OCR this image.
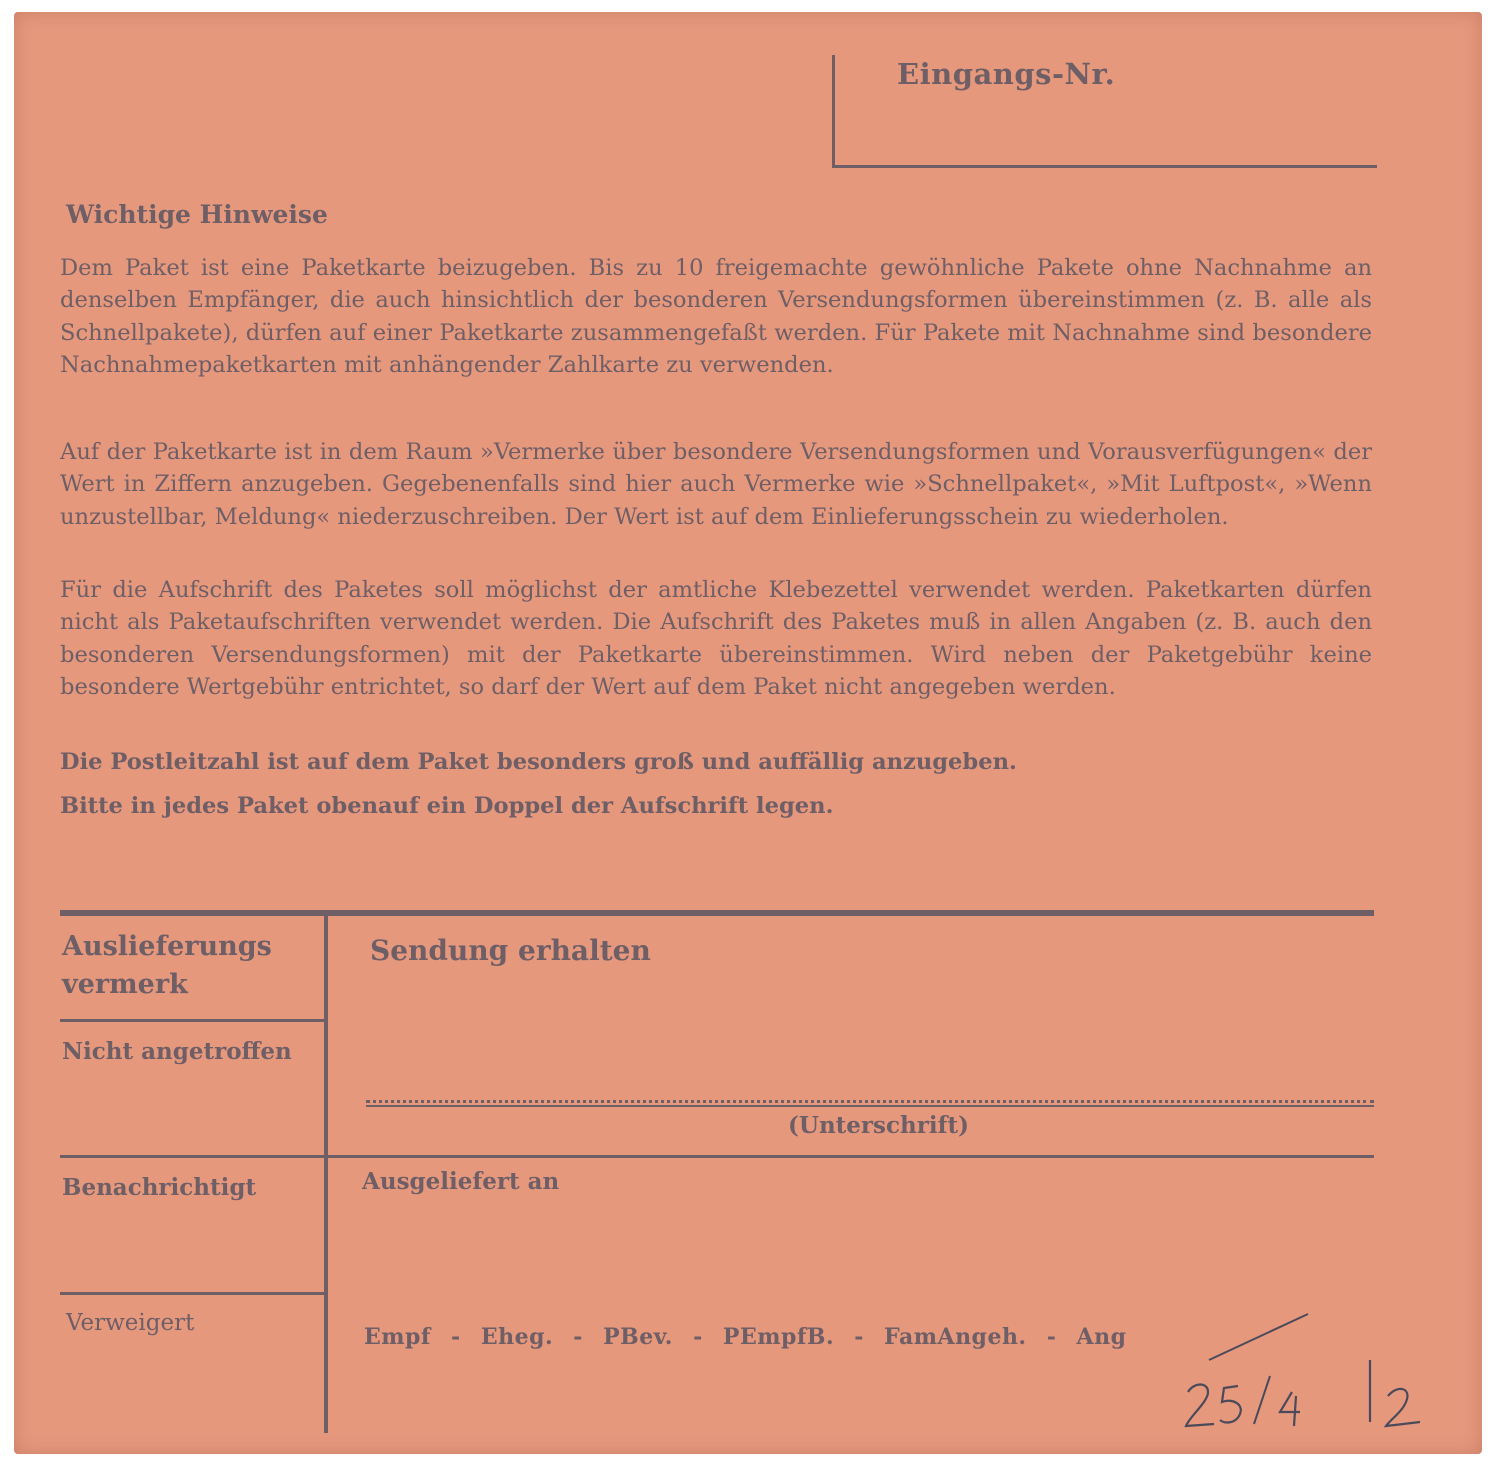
Eingangs-Nr.
Wichtige Hinweise

Dem Paket ist eine Paketkarte beizugeben. Bis zu 10 freigemachte gewöhnliche Pakete ohne Nachnahme an denselben Empfänger, die auch hinsichtlich der besonderen Versendungsformen übereinstimmen (z. B. alle als Schnellpakete), dürfen auf einer Paketkarte zusammengefaßt werden. Für Pakete mit Nachnahme sind besondere Nachnahmepaketkarten mit anhängender Zahlkarte zu verwenden.

Auf der Paketkarte ist in dem Raum »Vermerke über besondere Versendungsformen und Vorausverfügungen« der Wert in Ziffern anzugeben. Gegebenenfalls sind hier auch Vermerke wie »Schnellpaket«, »Mit Luftpost«, »Wenn unzustellbar, Meldung« niederzuschreiben. Der Wert ist auf dem Einlieferungsschein zu wiederholen.

Für die Aufschrift des Paketes soll möglichst der amtliche Klebezettel verwendet werden. Paketkarten dürfen nicht als Paketaufschriften verwendet werden. Die Aufschrift des Paketes muß in allen Angaben (z. B. auch den besonderen Versendungsformen) mit der Paketkarte übereinstimmen. Wird neben der Paketgebühr keine besondere Wertgebühr entrichtet, so darf der Wert auf dem Paket nicht angegeben werden.

Die Postleitzahl ist auf dem Paket besonders groß und auffällig anzugeben.

Bitte in jedes Paket obenauf ein Doppel der Aufschrift legen.

Auslieferungs
vermerk
Nicht angetroffen
Benachrichtigt
Verweigert
Sendung erhalten
(Unterschrift)
Ausgeliefert an
Empf - Eheg. - PBev. - PEmpfB. - FamAngeh. - Ang
